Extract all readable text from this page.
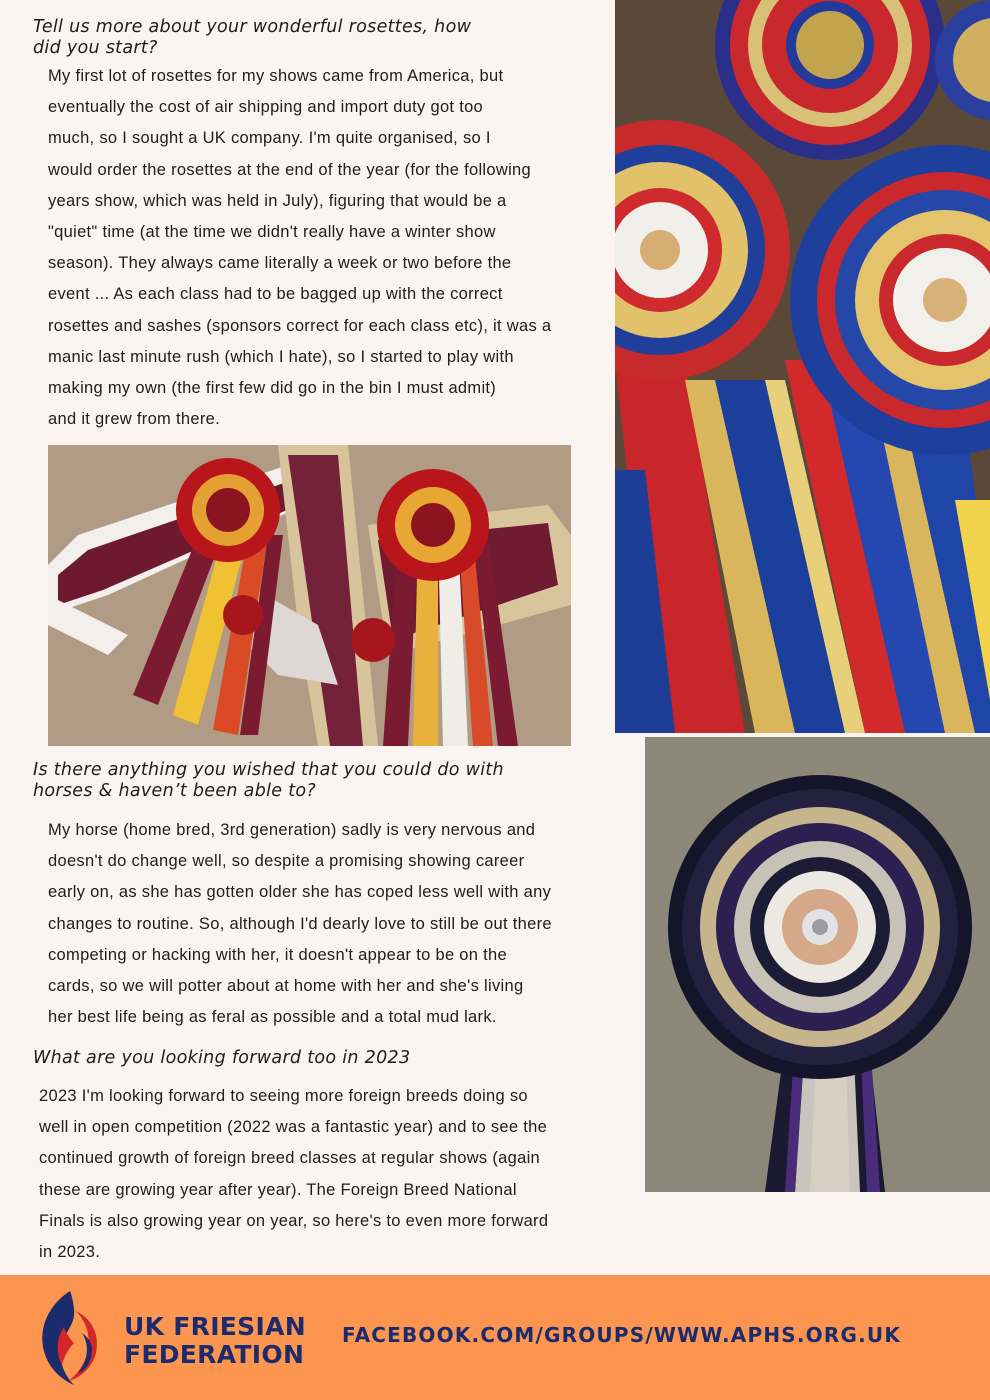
Tell us more about your wonderful rosettes, how
did you start?
My first lot of rosettes for my shows came from America, but
eventually the cost of air shipping and import duty got too
much, so I sought a UK company. I'm quite organised, so I
would order the rosettes at the end of the year (for the following
years show, which was held in July), figuring that would be a
"quiet" time (at the time we didn't really have a winter show
season). They always came literally a week or two before the
event ... As each class had to be bagged up with the correct
rosettes and sashes (sponsors correct for each class etc), it was a
manic last minute rush (which I hate), so I started to play with
making my own (the first few did go in the bin I must admit)
and it grew from there.
Is there anything you wished that you could do with
horses & haven’t been able to?
My horse (home bred, 3rd generation) sadly is very nervous and
doesn't do change well, so despite a promising showing career
early on, as she has gotten older she has coped less well with any
changes to routine. So, although I'd dearly love to still be out there
competing or hacking with her, it doesn't appear to be on the
cards, so we will potter about at home with her and she's living
her best life being as feral as possible and a total mud lark.
What are you looking forward too in 2023
2023 I'm looking forward to seeing more foreign breeds doing so
well in open competition (2022 was a fantastic year) and to see the
continued growth of foreign breed classes at regular shows (again
these are growing year after year). The Foreign Breed National
Finals is also growing year on year, so here's to even more forward
in 2023.
UK FRIESIAN
FEDERATION
FACEBOOK.COM/GROUPS/WWW.APHS.ORG.UK
